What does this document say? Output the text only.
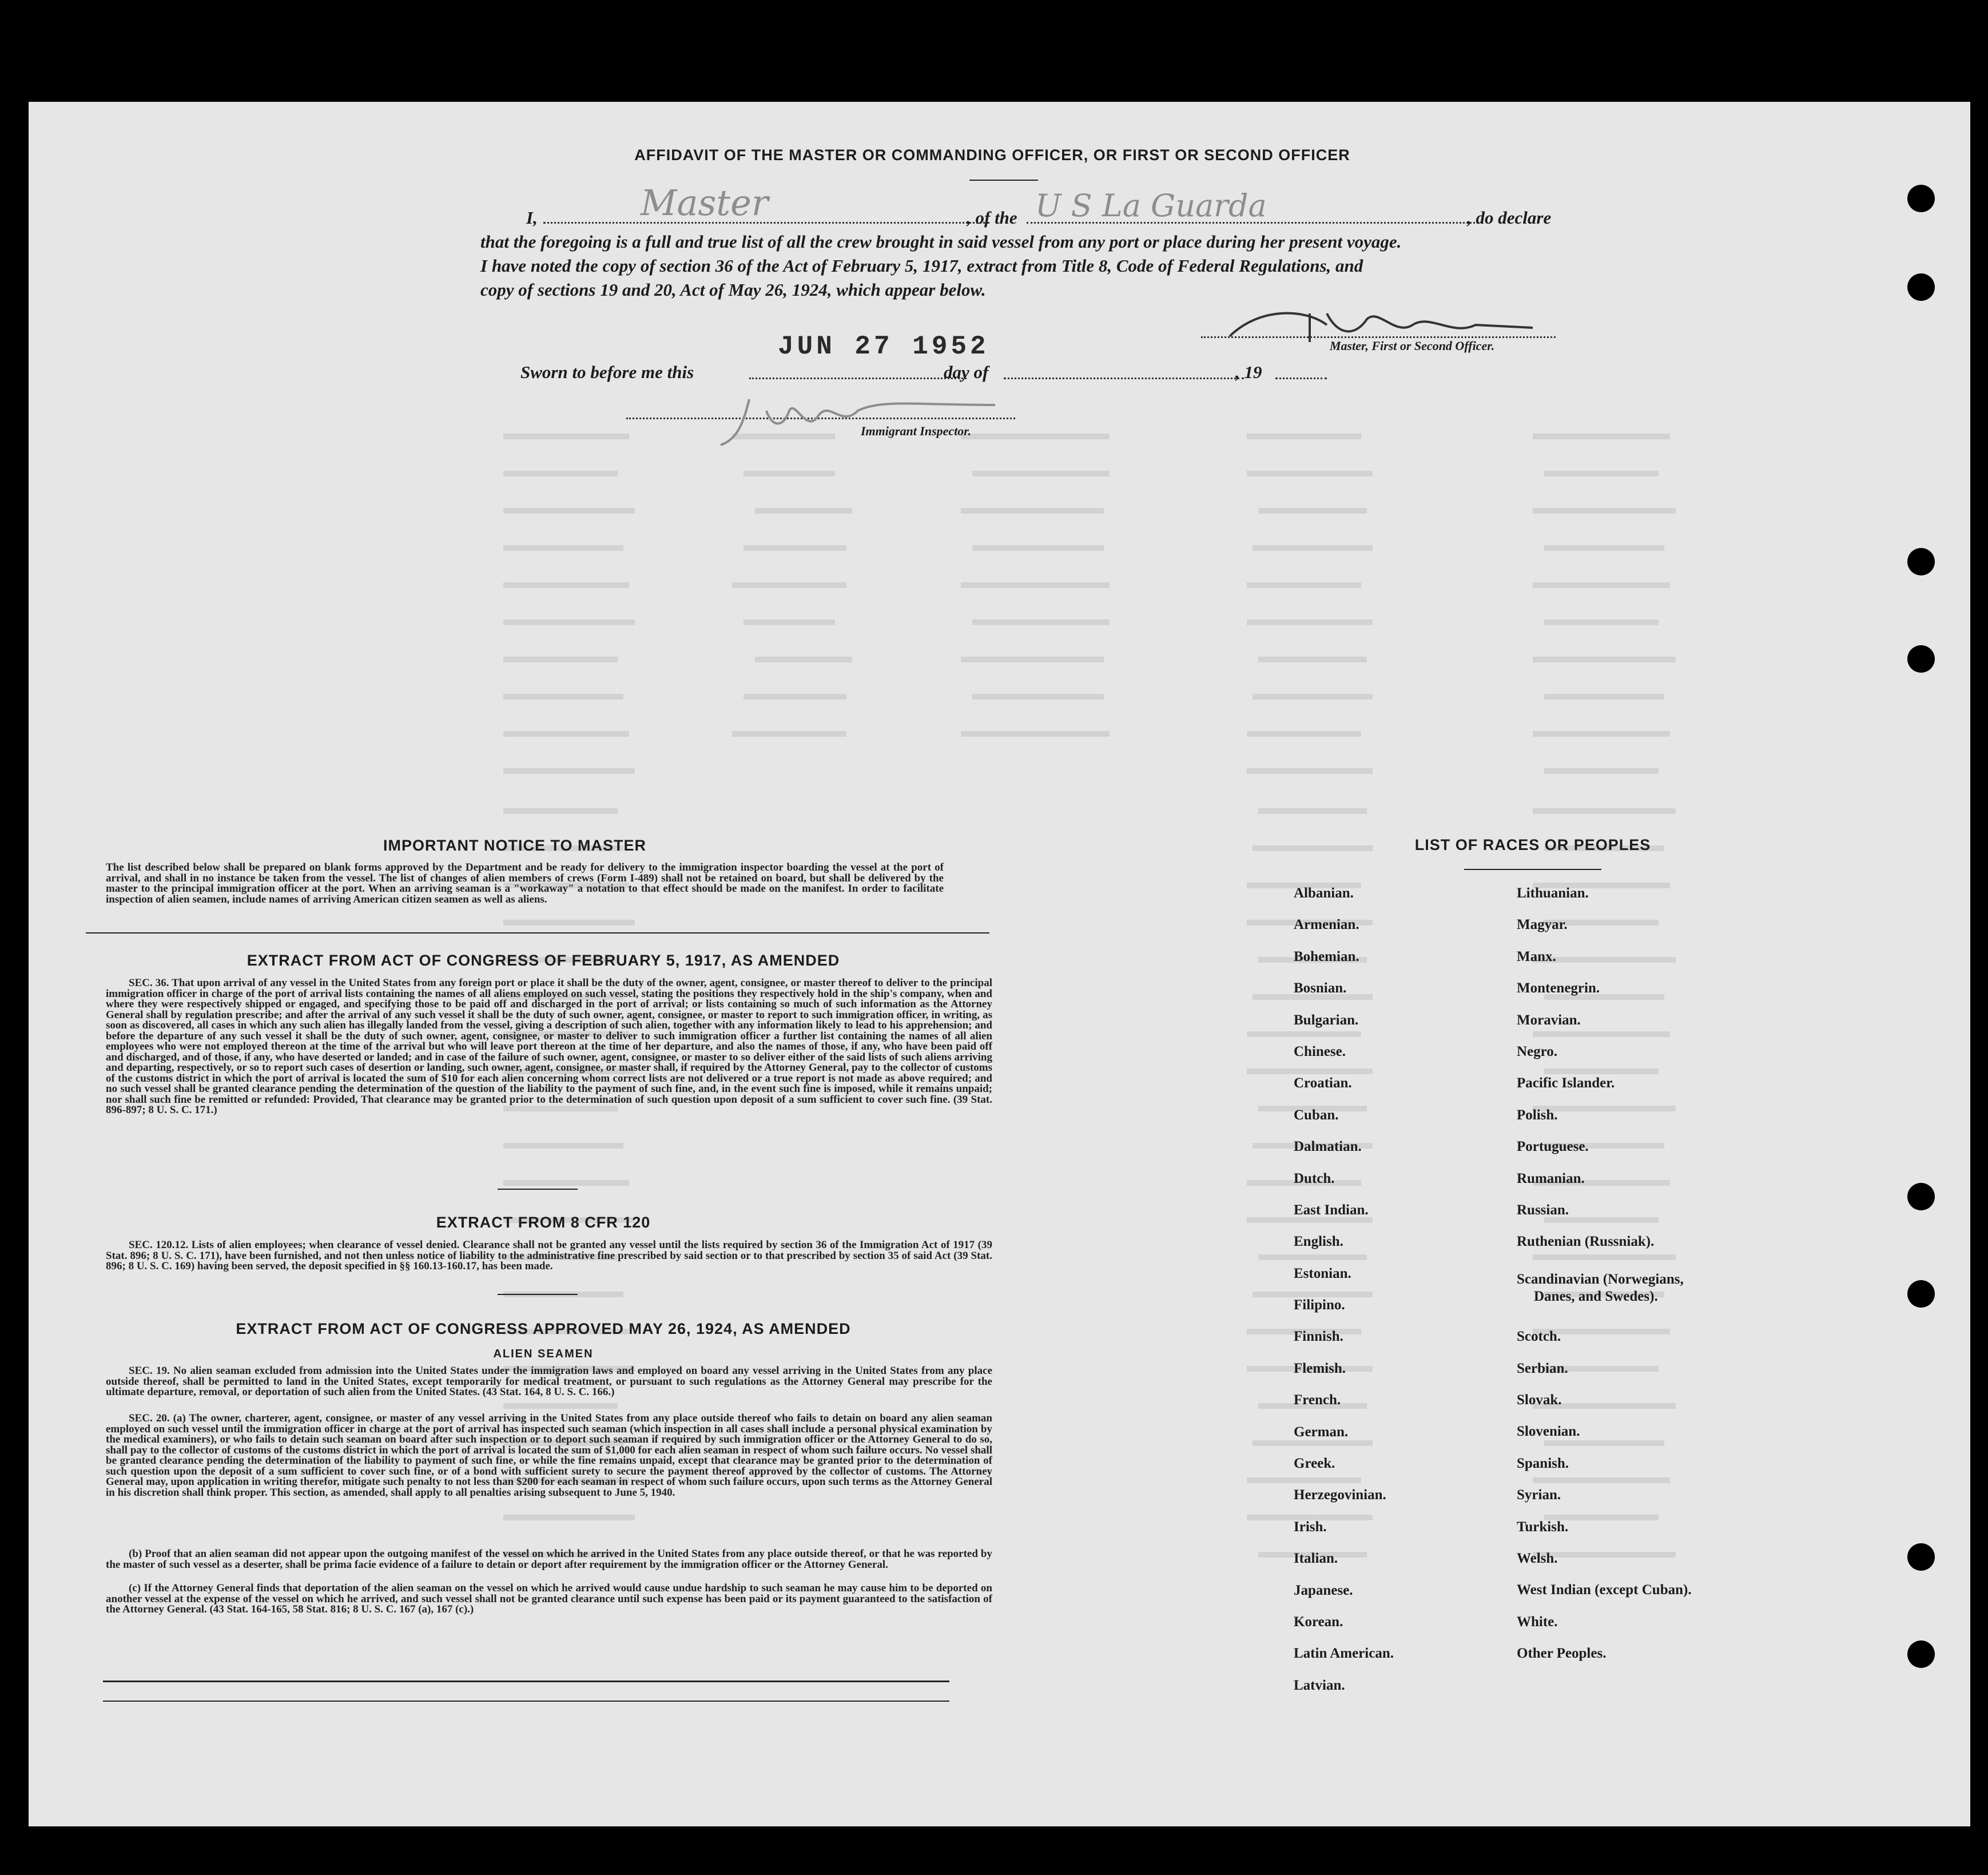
AFFIDAVIT OF THE MASTER OR COMMANDING OFFICER, OR FIRST OR SECOND OFFICER
I,	Master	, of the U S La Guarda	, do declare
that the foregoing is a full and true list of all the crew brought in said vessel from any port or place during her present voyage.
I have noted the copy of section 36 of the Act of February 5, 1917, extract from Title 8, Code of Federal Regulations, and
copy of sections 19 and 20, Act of May 26, 1924, which appear below.
Master, First or Second Officer.
JUN 27 1952
Sworn to before me this	day of	, 19
Immigrant Inspector.
IMPORTANT NOTICE TO MASTER
The list described below shall be prepared on blank forms approved by the Department and be ready for delivery to the immigration inspector boarding the vessel at the port of arrival, and shall in no instance be taken from the vessel. The list of changes of alien members of crews (Form I-489) shall not be retained on board, but shall be delivered by the master to the principal immigration officer at the port. When an arriving seaman is a "workaway" a notation to that effect should be made on the manifest. In order to facilitate inspection of alien seamen, include names of arriving American citizen seamen as well as aliens.
EXTRACT FROM ACT OF CONGRESS OF FEBRUARY 5, 1917, AS AMENDED
SEC. 36. That upon arrival of any vessel in the United States from any foreign port or place it shall be the duty of the owner, agent, consignee, or master thereof to deliver to the principal immigration officer in charge of the port of arrival lists containing the names of all aliens employed on such vessel, stating the positions they respectively hold in the ship's company, when and where they were respectively shipped or engaged, and specifying those to be paid off and discharged in the port of arrival; or lists containing so much of such information as the Attorney General shall by regulation prescribe; and after the arrival of any such vessel it shall be the duty of such owner, agent, consignee, or master to report to such immigration officer, in writing, as soon as discovered, all cases in which any such alien has illegally landed from the vessel, giving a description of such alien, together with any information likely to lead to his apprehension; and before the departure of any such vessel it shall be the duty of such owner, agent, consignee, or master to deliver to such immigration officer a further list containing the names of all alien employees who were not employed thereon at the time of the arrival but who will leave port thereon at the time of her departure, and also the names of those, if any, who have been paid off and discharged, and of those, if any, who have deserted or landed; and in case of the failure of such owner, agent, consignee, or master to so deliver either of the said lists of such aliens arriving and departing, respectively, or so to report such cases of desertion or landing, such owner, agent, consignee, or master shall, if required by the Attorney General, pay to the collector of customs of the customs district in which the port of arrival is located the sum of $10 for each alien concerning whom correct lists are not delivered or a true report is not made as above required; and no such vessel shall be granted clearance pending the determination of the question of the liability to the payment of such fine, and, in the event such fine is imposed, while it remains unpaid; nor shall such fine be remitted or refunded: Provided, That clearance may be granted prior to the determination of such question upon deposit of a sum sufficient to cover such fine. (39 Stat. 896-897; 8 U. S. C. 171.)
EXTRACT FROM 8 CFR 120
SEC. 120.12. Lists of alien employees; when clearance of vessel denied. Clearance shall not be granted any vessel until the lists required by section 36 of the Immigration Act of 1917 (39 Stat. 896; 8 U. S. C. 171), have been furnished, and not then unless notice of liability to the administrative fine prescribed by said section or to that prescribed by section 35 of said Act (39 Stat. 896; 8 U. S. C. 169) having been served, the deposit specified in §§ 160.13-160.17, has been made.
EXTRACT FROM ACT OF CONGRESS APPROVED MAY 26, 1924, AS AMENDED
ALIEN SEAMEN
SEC. 19. No alien seaman excluded from admission into the United States under the immigration laws and employed on board any vessel arriving in the United States from any place outside thereof, shall be permitted to land in the United States, except temporarily for medical treatment, or pursuant to such regulations as the Attorney General may prescribe for the ultimate departure, removal, or deportation of such alien from the United States. (43 Stat. 164, 8 U. S. C. 166.)
SEC. 20. (a) The owner, charterer, agent, consignee, or master of any vessel arriving in the United States from any place outside thereof who fails to detain on board any alien seaman employed on such vessel until the immigration officer in charge at the port of arrival has inspected such seaman (which inspection in all cases shall include a personal physical examination by the medical examiners), or who fails to detain such seaman on board after such inspection or to deport such seaman if required by such immigration officer or the Attorney General to do so, shall pay to the collector of customs of the customs district in which the port of arrival is located the sum of $1,000 for each alien seaman in respect of whom such failure occurs. No vessel shall be granted clearance pending the determination of the liability to payment of such fine, or while the fine remains unpaid, except that clearance may be granted prior to the determination of such question upon the deposit of a sum sufficient to cover such fine, or of a bond with sufficient surety to secure the payment thereof approved by the collector of customs. The Attorney General may, upon application in writing therefor, mitigate such penalty to not less than $200 for each seaman in respect of whom such failure occurs, upon such terms as the Attorney General in his discretion shall think proper. This section, as amended, shall apply to all penalties arising subsequent to June 5, 1940.
(b) Proof that an alien seaman did not appear upon the outgoing manifest of the vessel on which he arrived in the United States from any place outside thereof, or that he was reported by the master of such vessel as a deserter, shall be prima facie evidence of a failure to detain or deport after requirement by the immigration officer or the Attorney General.
(c) If the Attorney General finds that deportation of the alien seaman on the vessel on which he arrived would cause undue hardship to such seaman he may cause him to be deported on another vessel at the expense of the vessel on which he arrived, and such vessel shall not be granted clearance until such expense has been paid or its payment guaranteed to the satisfaction of the Attorney General. (43 Stat. 164-165, 58 Stat. 816; 8 U. S. C. 167 (a), 167 (c).)
LIST OF RACES OR PEOPLES
Albanian.
Armenian.
Bohemian.
Bosnian.
Bulgarian.
Chinese.
Croatian.
Cuban.
Dalmatian.
Dutch.
East Indian.
English.
Estonian.
Filipino.
Finnish.
Flemish.
French.
German.
Greek.
Herzegovinian.
Irish.
Italian.
Japanese.
Korean.
Latin American.
Latvian.
Lithuanian.
Magyar.
Manx.
Montenegrin.
Moravian.
Negro.
Pacific Islander.
Polish.
Portuguese.
Rumanian.
Russian.
Ruthenian (Russniak).
Scandinavian (Norwegians,
Danes, and Swedes).
Scotch.
Serbian.
Slovak.
Slovenian.
Spanish.
Syrian.
Turkish.
Welsh.
West Indian (except Cuban).
White.
Other Peoples.
